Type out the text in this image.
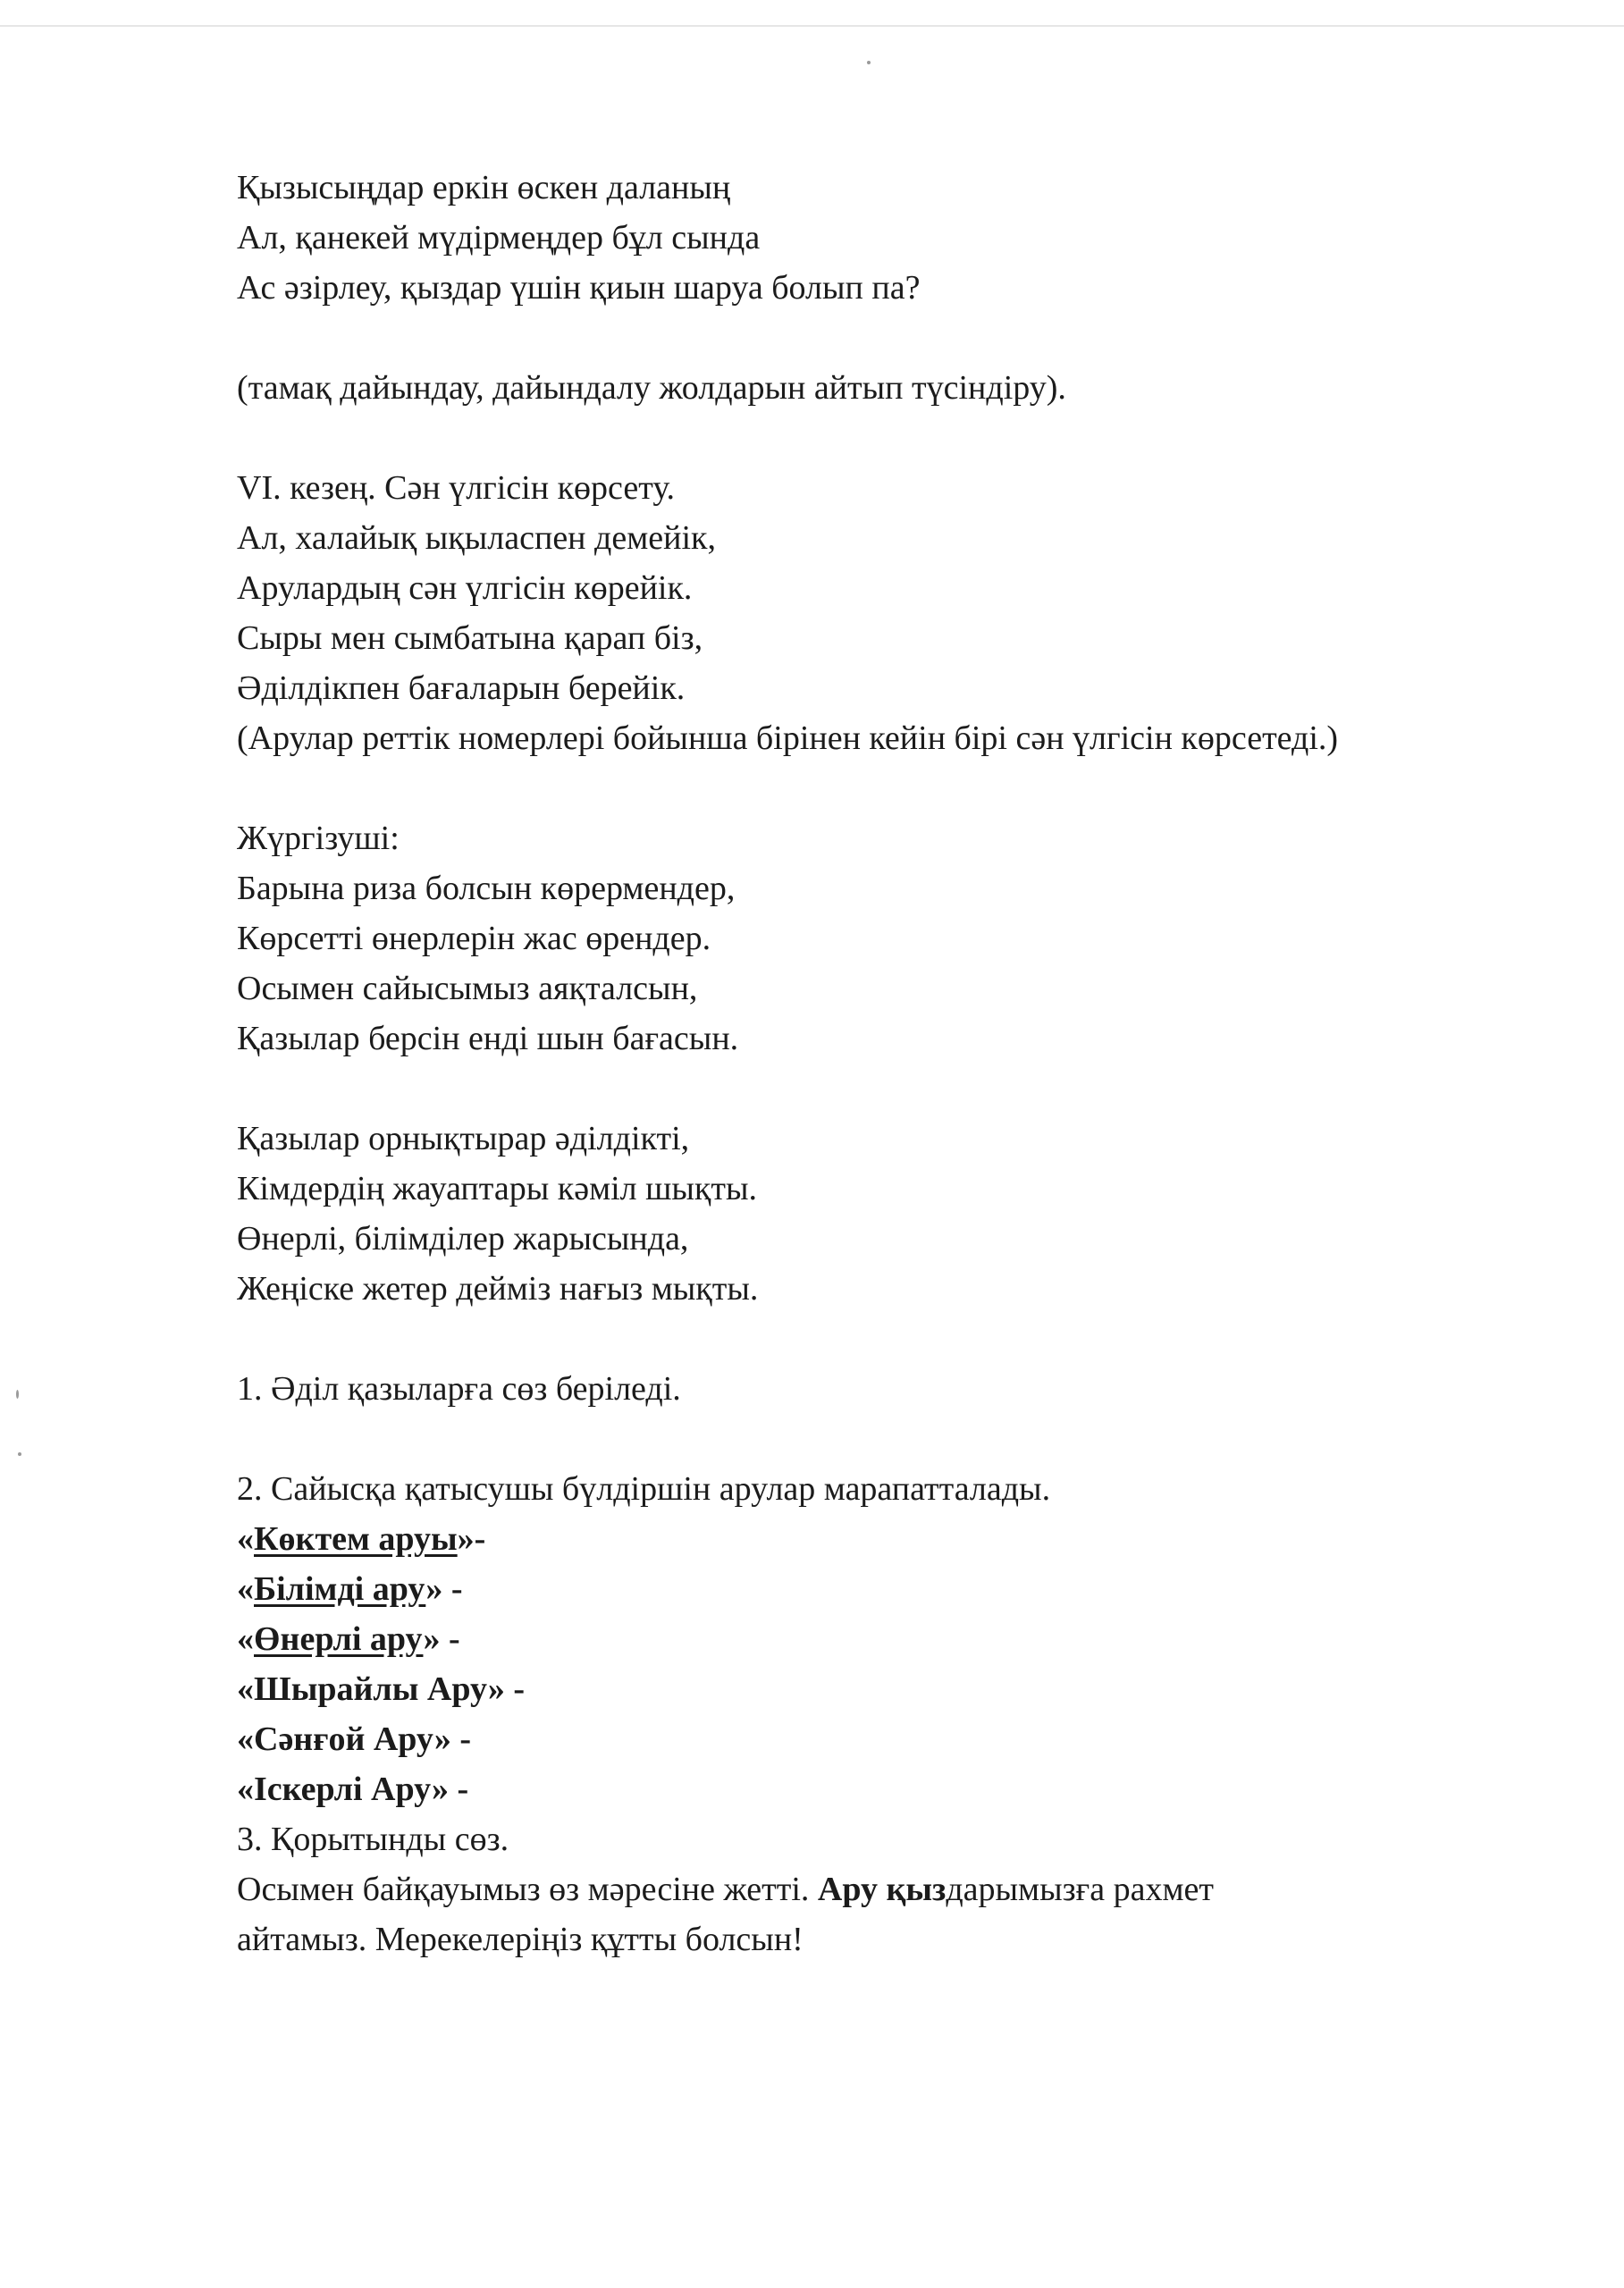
Қызысыңдар еркін өскен даланың
Ал, қанекей мүдірмеңдер бұл сында
Ас әзірлеу, қыздар үшін қиын шаруа болып па?
(тамақ дайындау, дайындалу жолдарын айтып түсіндіру).
VI. кезең. Сән үлгісін көрсету.
Ал, халайық ықыласпен демейік,
Арулардың сән үлгісін көрейік.
Сыры мен сымбатына қарап біз,
Әділдікпен бағаларын берейік.
(Арулар реттік номерлері бойынша бірінен кейін бірі сән үлгісін көрсетеді.)
Жүргізуші:
Барына риза болсын көрермендер,
Көрсетті өнерлерін жас өрендер.
Осымен сайысымыз аяқталсын,
Қазылар берсін енді шын бағасын.
Қазылар орнықтырар әділдікті,
Кімдердің жауаптары кәміл шықты.
Өнерлі, білімділер жарысында,
Жеңіске жетер дейміз нағыз мықты.
1. Әділ қазыларға сөз беріледі.
2. Сайысқа қатысушы бүлдіршін арулар марапатталады.
«Көктем аруы»-
«Білімді ару» -
«Өнерлі ару» -
«Шырайлы Ару» -
«Сәнғой Ару» -
«Іскерлі Ару» -
3. Қорытынды сөз.
Осымен байқауымыз өз мәресіне жетті. Ару қыздарымызға рахмет
айтамыз. Мерекелеріңіз құтты болсын!
